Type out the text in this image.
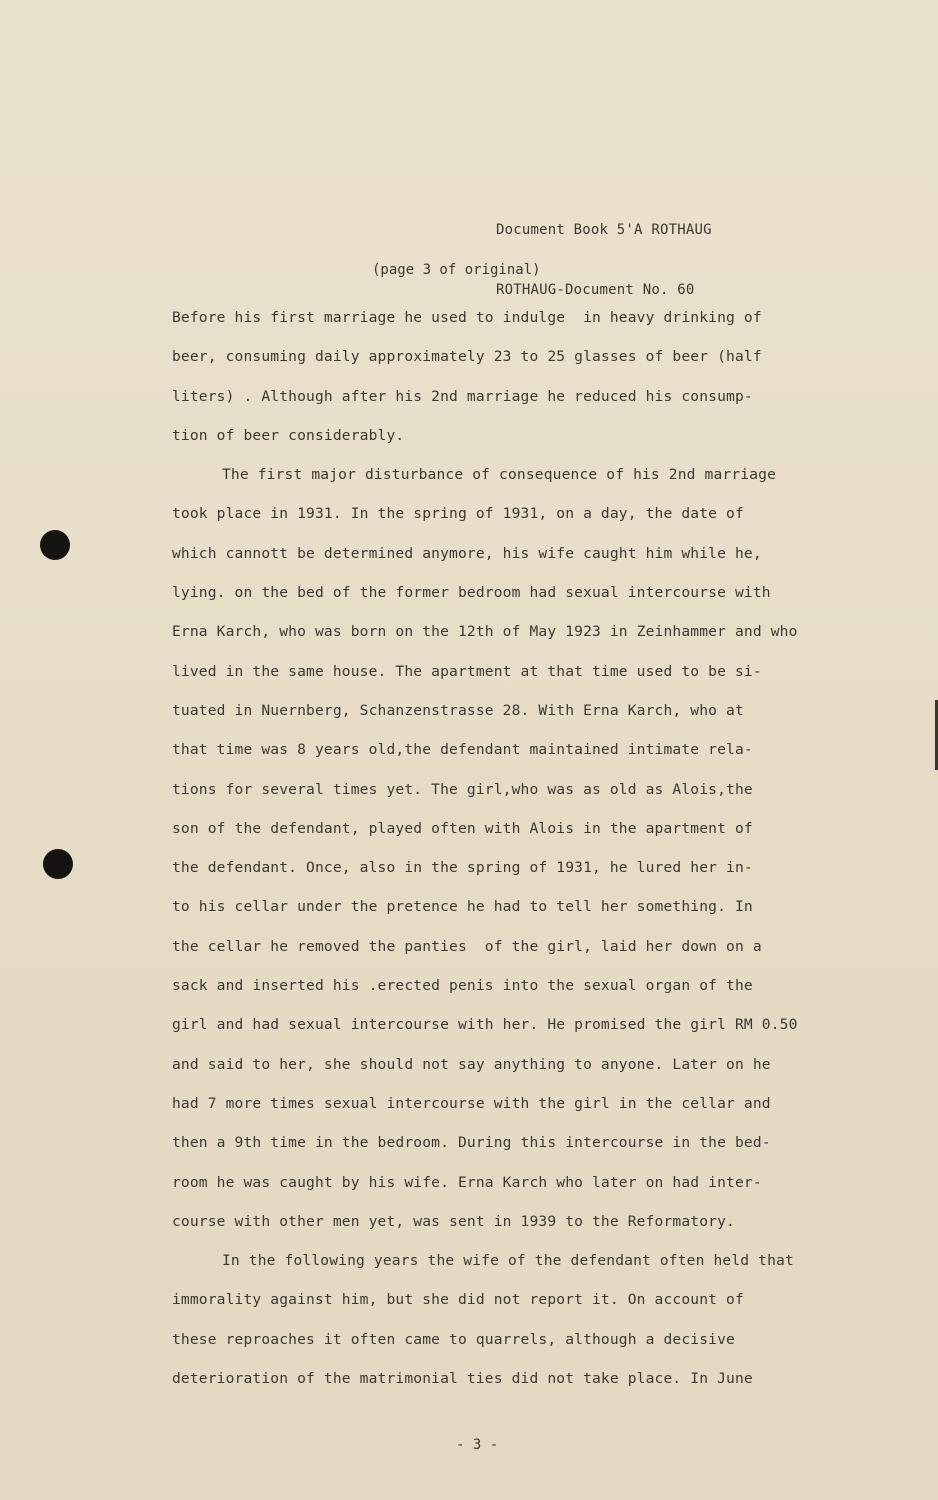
Document Book 5'A ROTHAUG

ROTHAUG-Document No. 60

(page 3 of original)
Before his first marriage he used to indulge  in heavy drinking of
beer, consuming daily approximately 23 to 25 glasses of beer (half
liters) . Although after his 2nd marriage he reduced his consump-
tion of beer considerably.
The first major disturbance of consequence of his 2nd marriage
took place in 1931. In the spring of 1931, on a day, the date of
which cannott be determined anymore, his wife caught him while he,
lying. on the bed of the former bedroom had sexual intercourse with
Erna Karch, who was born on the 12th of May 1923 in Zeinhammer and who
lived in the same house. The apartment at that time used to be si-
tuated in Nuernberg, Schanzenstrasse 28. With Erna Karch, who at
that time was 8 years old,the defendant maintained intimate rela-
tions for several times yet. The girl,who was as old as Alois,the
son of the defendant, played often with Alois in the apartment of
the defendant. Once, also in the spring of 1931, he lured her in-
to his cellar under the pretence he had to tell her something. In
the cellar he removed the panties  of the girl, laid her down on a
sack and inserted his .erected penis into the sexual organ of the
girl and had sexual intercourse with her. He promised the girl RM 0.50
and said to her, she should not say anything to anyone. Later on he
had 7 more times sexual intercourse with the girl in the cellar and
then a 9th time in the bedroom. During this intercourse in the bed-
room he was caught by his wife. Erna Karch who later on had inter-
course with other men yet, was sent in 1939 to the Reformatory.
In the following years the wife of the defendant often held that
immorality against him, but she did not report it. On account of
these reproaches it often came to quarrels, although a decisive
deterioration of the matrimonial ties did not take place. In June
- 3 -
